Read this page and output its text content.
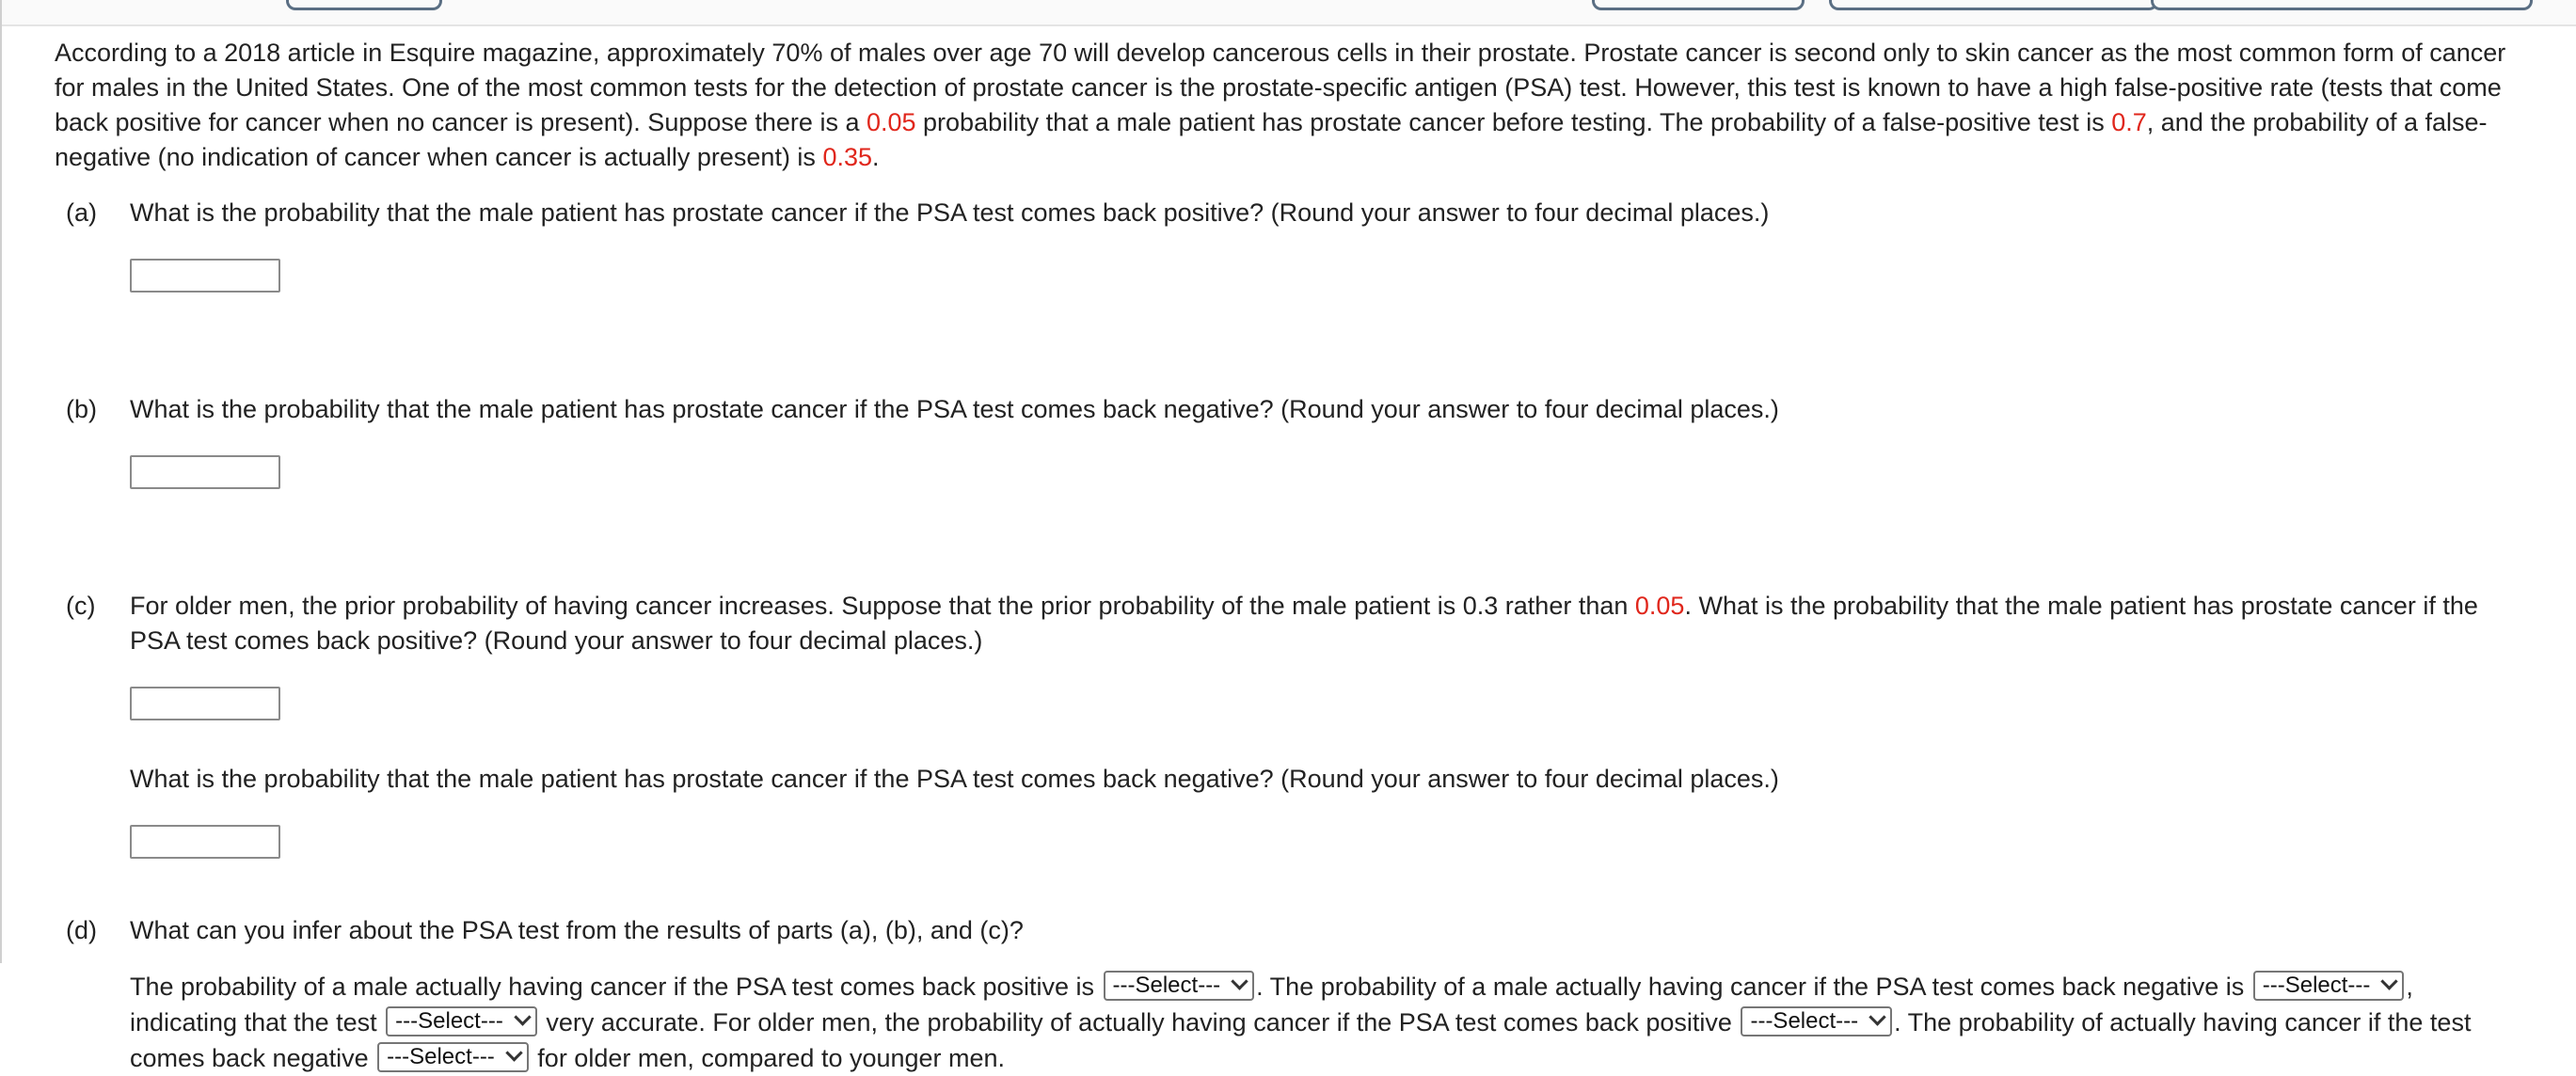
According to a 2018 article in Esquire magazine, approximately 70% of males over age 70 will develop cancerous cells in their prostate. Prostate cancer is second only to skin cancer as the most common form of cancer for males in the United States. One of the most common tests for the detection of prostate cancer is the prostate-specific antigen (PSA) test. However, this test is known to have a high false-positive rate (tests that come back positive for cancer when no cancer is present). Suppose there is a 0.05 probability that a male patient has prostate cancer before testing. The probability of a false-positive test is 0.7, and the probability of a false-negative (no indication of cancer when cancer is actually present) is 0.35.

(a) What is the probability that the male patient has prostate cancer if the PSA test comes back positive? (Round your answer to four decimal places.)

(b) What is the probability that the male patient has prostate cancer if the PSA test comes back negative? (Round your answer to four decimal places.)

(c) For older men, the prior probability of having cancer increases. Suppose that the prior probability of the male patient is 0.3 rather than 0.05. What is the probability that the male patient has prostate cancer if the PSA test comes back positive? (Round your answer to four decimal places.)

What is the probability that the male patient has prostate cancer if the PSA test comes back negative? (Round your answer to four decimal places.)

(d) What can you infer about the PSA test from the results of parts (a), (b), and (c)?

The probability of a male actually having cancer if the PSA test comes back positive is ---Select--- . The probability of a male actually having cancer if the PSA test comes back negative is ---Select--- , indicating that the test ---Select---
very accurate. For older men, the probability of actually having cancer if the PSA test comes back positive ---Select--- . The probability of actually having cancer if the test comes back negative ---Select---
for older men, compared to younger men.
